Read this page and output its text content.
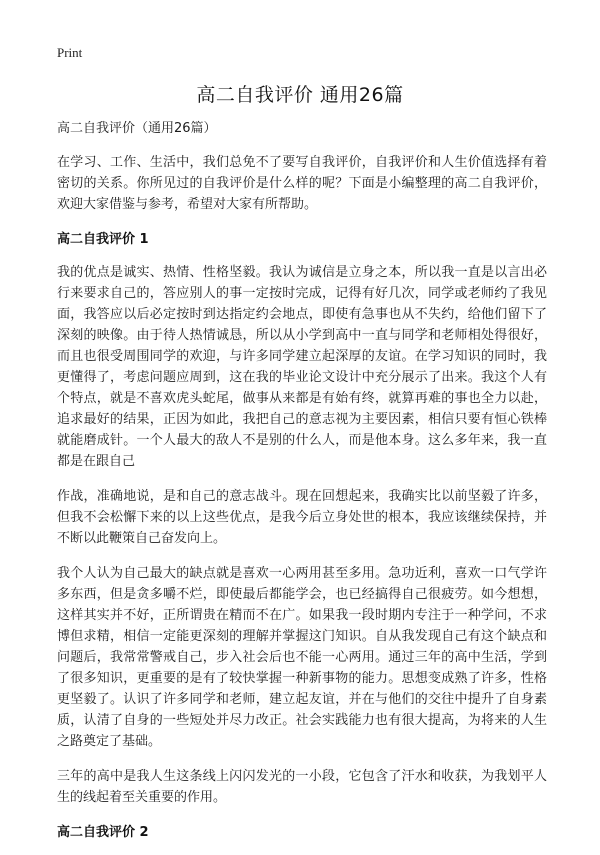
Print
高二自我评价 通用26篇
高二自我评价（通用26篇）
在学习、工作、生活中，我们总免不了要写自我评价，自我评价和人生价值选择有着密切的关系。你所见过的自我评价是什么样的呢？下面是小编整理的高二自我评价，欢迎大家借鉴与参考，希望对大家有所帮助。
高二自我评价 1
我的优点是诚实、热情、性格坚毅。我认为诚信是立身之本，所以我一直是以言出必行来要求自己的，答应别人的事一定按时完成，记得有好几次，同学或老师约了我见面，我答应以后必定按时到达指定约会地点，即使有急事也从不失约，给他们留下了深刻的映像。由于待人热情诚恳，所以从小学到高中一直与同学和老师相处得很好，而且也很受周围同学的欢迎，与许多同学建立起深厚的友谊。在学习知识的同时，我更懂得了，考虑问题应周到，这在我的毕业论文设计中充分展示了出来。我这个人有个特点，就是不喜欢虎头蛇尾，做事从来都是有始有终，就算再难的事也全力以赴，追求最好的结果，正因为如此，我把自己的意志视为主要因素，相信只要有恒心铁棒就能磨成针。一个人最大的敌人不是别的什么人，而是他本身。这么多年来，我一直都是在跟自己
作战，准确地说，是和自己的意志战斗。现在回想起来，我确实比以前坚毅了许多，但我不会松懈下来的以上这些优点，是我今后立身处世的根本，我应该继续保持，并不断以此鞭策自己奋发向上。
我个人认为自己最大的缺点就是喜欢一心两用甚至多用。急功近利，喜欢一口气学许多东西，但是贪多嚼不烂，即使最后都能学会，也已经搞得自己很疲劳。如今想想，这样其实并不好，正所谓贵在精而不在广。如果我一段时期内专注于一种学问，不求博但求精，相信一定能更深刻的理解并掌握这门知识。自从我发现自己有这个缺点和问题后，我常常警戒自己，步入社会后也不能一心两用。通过三年的高中生活，学到了很多知识，更重要的是有了较快掌握一种新事物的能力。思想变成熟了许多，性格更坚毅了。认识了许多同学和老师，建立起友谊，并在与他们的交往中提升了自身素质，认清了自身的一些短处并尽力改正。社会实践能力也有很大提高，为将来的人生之路奠定了基础。
三年的高中是我人生这条线上闪闪发光的一小段，它包含了汗水和收获，为我划平人生的线起着至关重要的作用。
高二自我评价 2
